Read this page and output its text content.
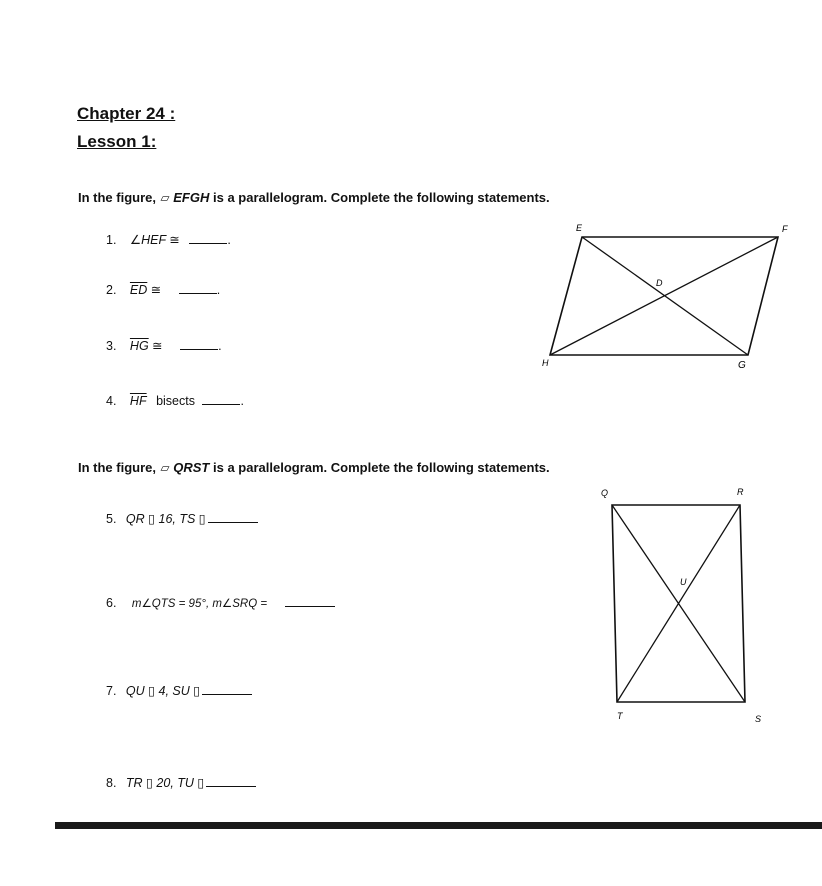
Chapter 24 :
Lesson 1:
In the figure, ▱ EFGH is a parallelogram. Complete the following statements.
1. ∠HEF ≅	.
2. $\overline{ED}$ ≅	.
3. $\overline{HG}$ ≅	.
4. $\overline{HF}$ bisects	.
E	F
D
H	G
In the figure, ▱ QRST is a parallelogram. Complete the following statements.
5. QR ▯ 16, TS ▯
6. m∠QTS = 95°, m∠SRQ =
7. QU ▯ 4, SU ▯
8. TR ▯ 20, TU ▯
Q	R
U
T	S
